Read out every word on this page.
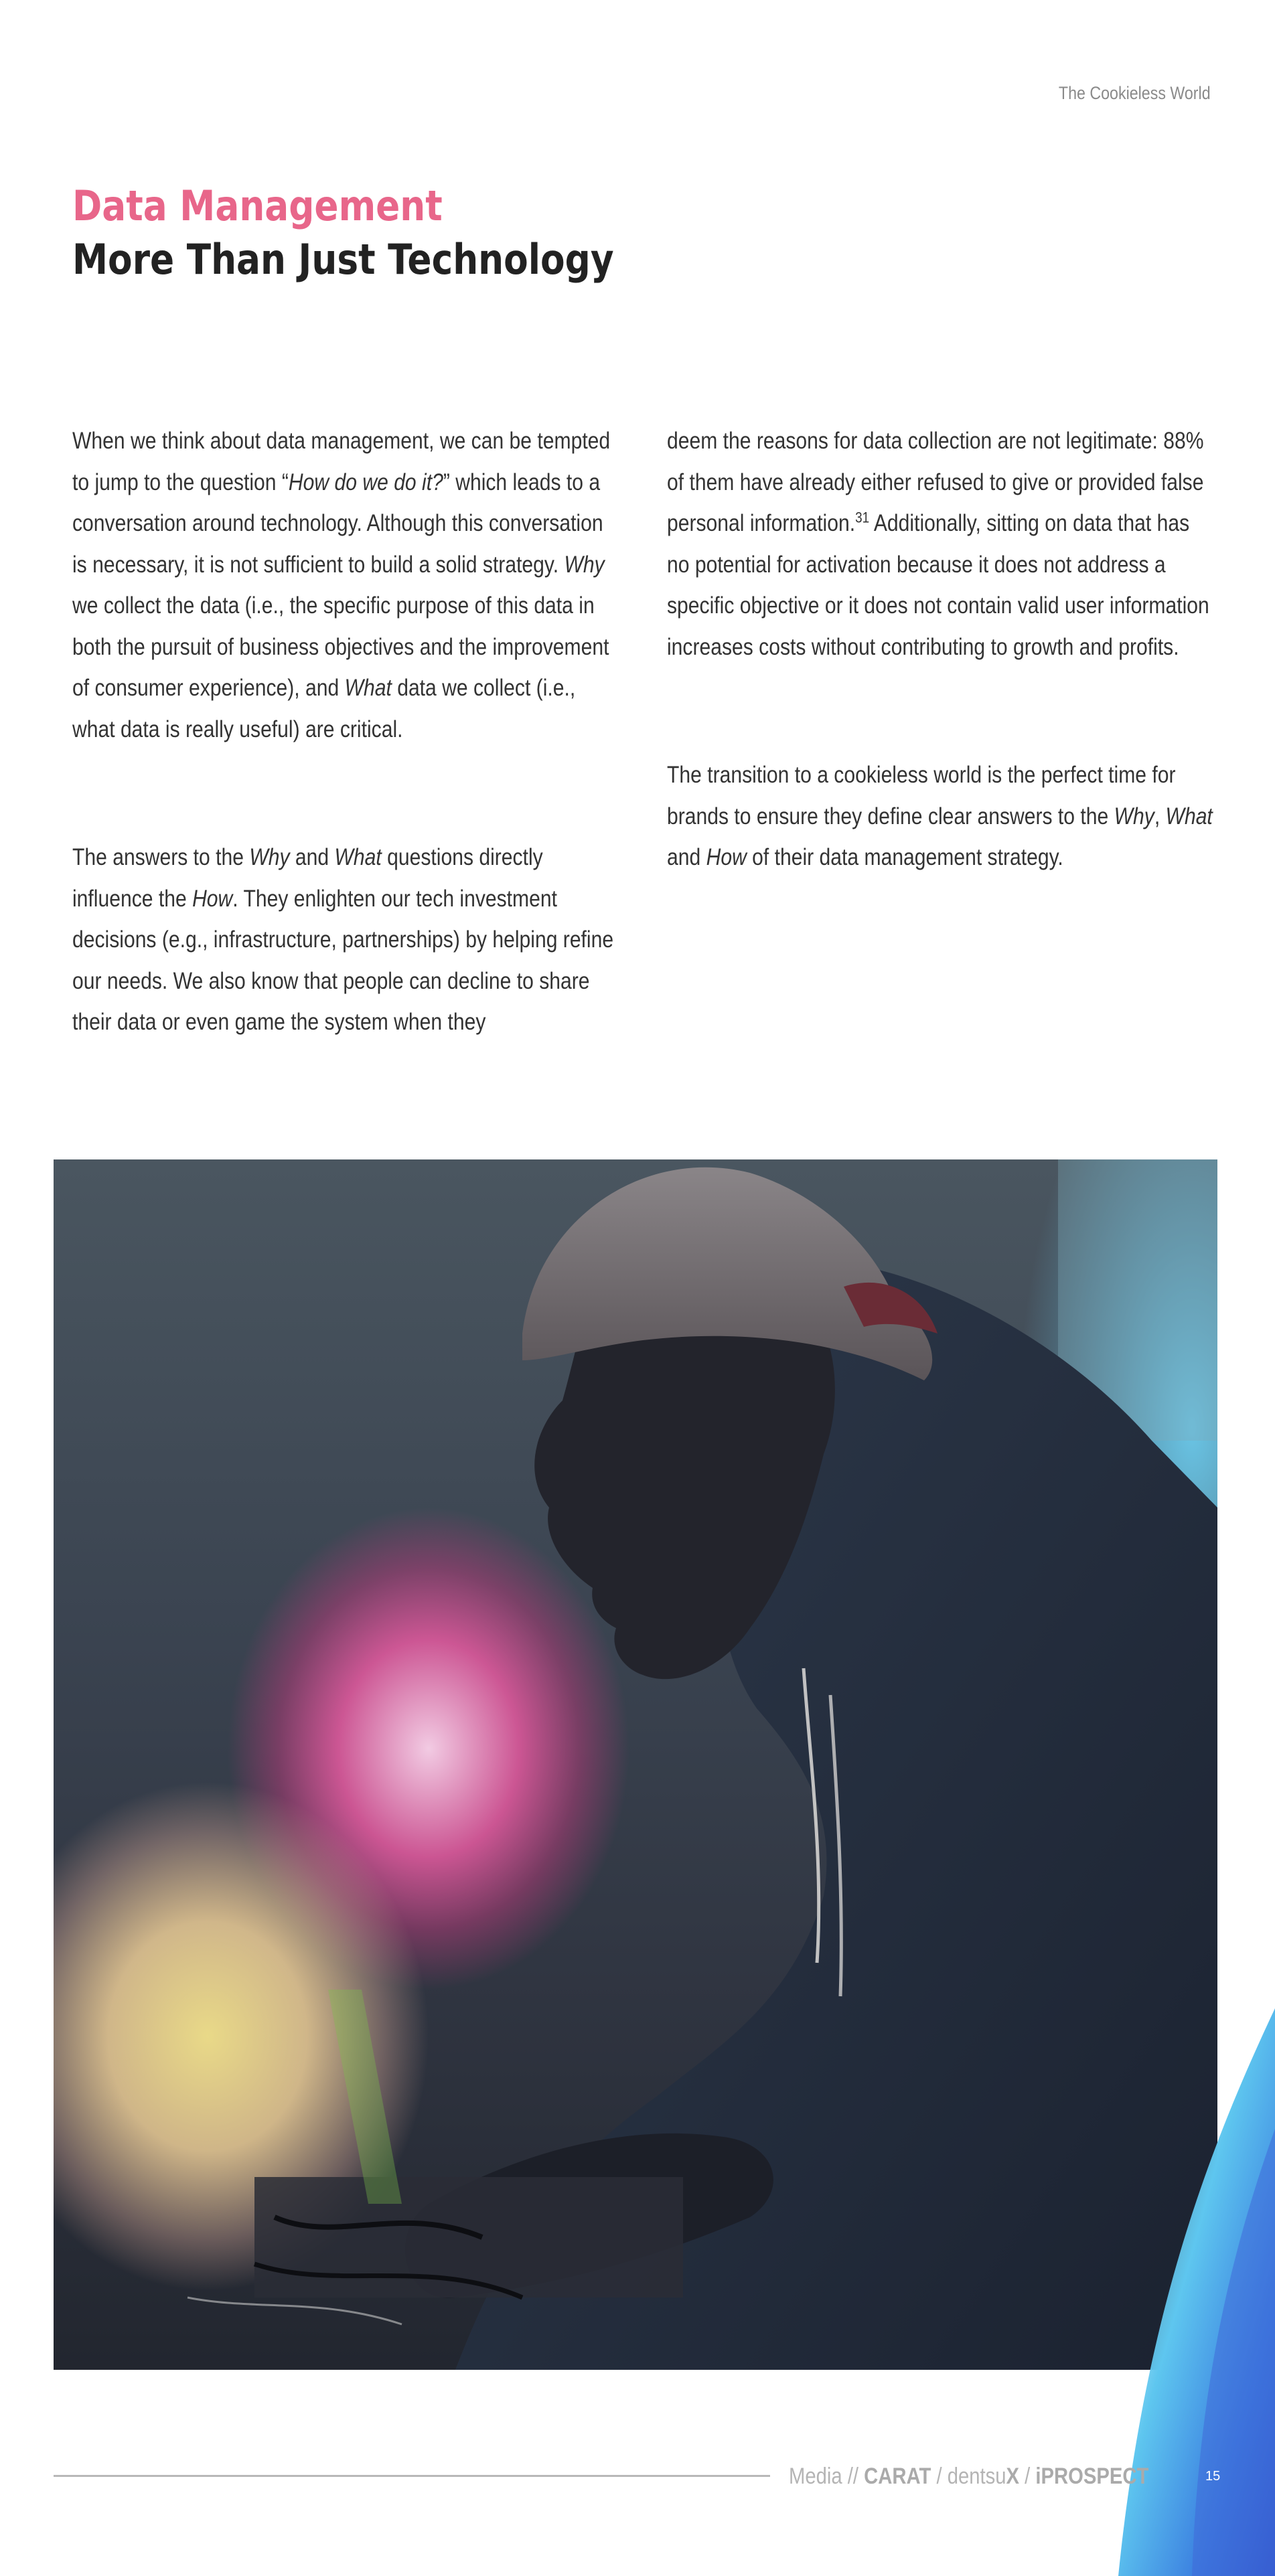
The Cookieless World
Data Management
More Than Just Technology

When we think about data management, we can be tempted to jump to the question “How do we do it?” which leads to a conversation around technology. Although this conversation is necessary, it is not sufficient to build a solid strategy. Why we collect the data (i.e., the specific purpose of this data in both the pursuit of business objectives and the improvement of consumer experience), and What data we collect (i.e., what data is really useful) are critical.

The answers to the Why and What questions directly influence the How. They enlighten our tech investment decisions (e.g., infrastructure, partnerships) by helping refine our needs. We also know that people can decline to share their data or even game the system when they

deem the reasons for data collection are not legitimate: 88% of them have already either refused to give or provided false personal information.$^{31}$ Additionally, sitting on data that has no potential for activation because it does not address a specific objective or it does not contain valid user information increases costs without contributing to growth and profits.

The transition to a cookieless world is the perfect time for brands to ensure they define clear answers to the Why, What and How of their data management strategy.

Media // CARAT / dentsuX / iPROSPECT	15
